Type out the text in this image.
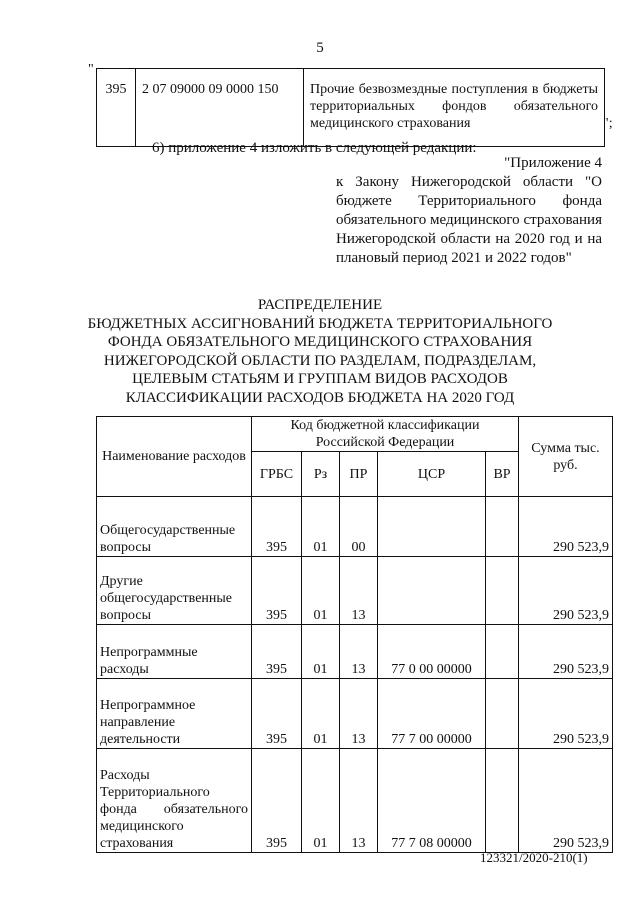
5
"
395	2 07 09000 09 0000 150	Прочие безвозмездные поступления в бюджеты территориальных фондов обязательного медицинского страхования	";
6) приложение 4 изложить в следующей редакции:
"Приложение 4
к Закону Нижегородской области "О бюджете Территориального фонда обязательного медицинского страхования Нижегородской области на 2020 год и на плановый период 2021 и 2022 годов"
РАСПРЕДЕЛЕНИЕ
БЮДЖЕТНЫХ АССИГНОВАНИЙ БЮДЖЕТА ТЕРРИТОРИАЛЬНОГО
ФОНДА ОБЯЗАТЕЛЬНОГО МЕДИЦИНСКОГО СТРАХОВАНИЯ
НИЖЕГОРОДСКОЙ ОБЛАСТИ ПО РАЗДЕЛАМ, ПОДРАЗДЕЛАМ,
ЦЕЛЕВЫМ СТАТЬЯМ И ГРУППАМ ВИДОВ РАСХОДОВ
КЛАССИФИКАЦИИ РАСХОДОВ БЮДЖЕТА НА 2020 ГОД
Наименование расходов	Код бюджетной классификации Российской Федерации					Сумма тыс. руб.
	ГРБС	Рз	ПР	ЦСР	ВР	
Общегосударственные вопросы	395	01	00			290 523,9
Другие общегосударственные вопросы	395	01	13			290 523,9
Непрограммные расходы	395	01	13	77 0 00 00000		290 523,9
Непрограммное направление деятельности	395	01	13	77 7 00 00000		290 523,9
Расходы Территориального фонда обязательного медицинского страхования	395	01	13	77 7 08 00000		290 523,9
123321/2020-210(1)
